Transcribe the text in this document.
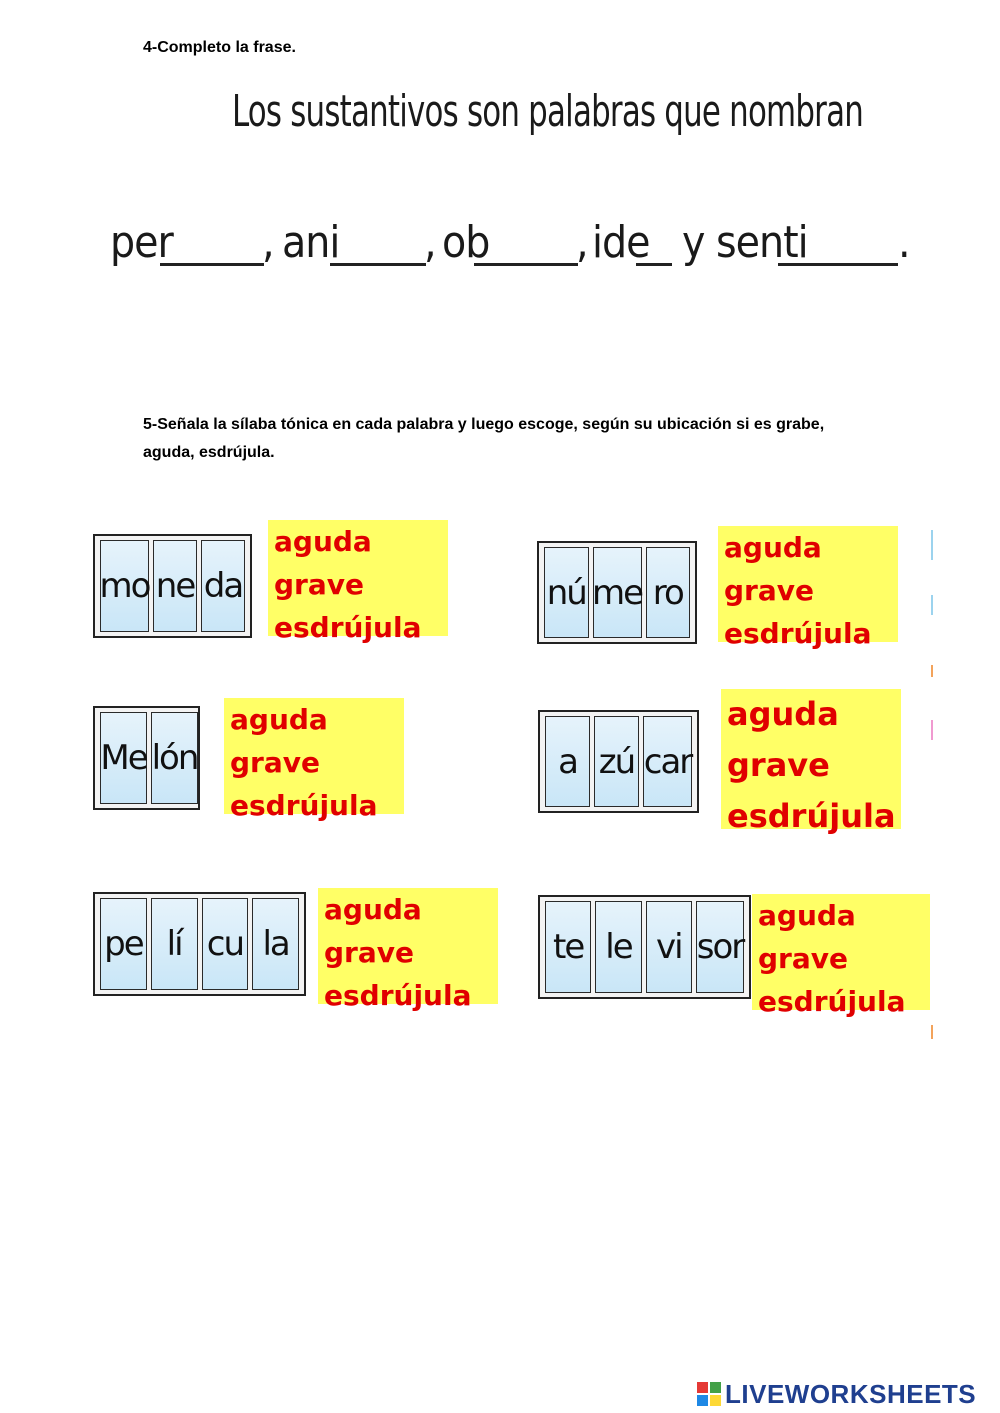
4-Completo la frase.
Los sustantivos son palabras que nombran
per , ani , ob , ide y senti .
5-Señala la sílaba tónica en cada palabra y luego escoge, según su ubicación si es grabe, aguda, esdrújula.
mo ne da
aguda
grave
esdrújula
nú me ro
aguda
grave
esdrújula
Me lón
aguda
grave
esdrújula
a zú car
aguda
grave
esdrújula
pe lí cu la
aguda
grave
esdrújula
te le vi sor
aguda
grave
esdrújula
LIVEWORKSHEETS
